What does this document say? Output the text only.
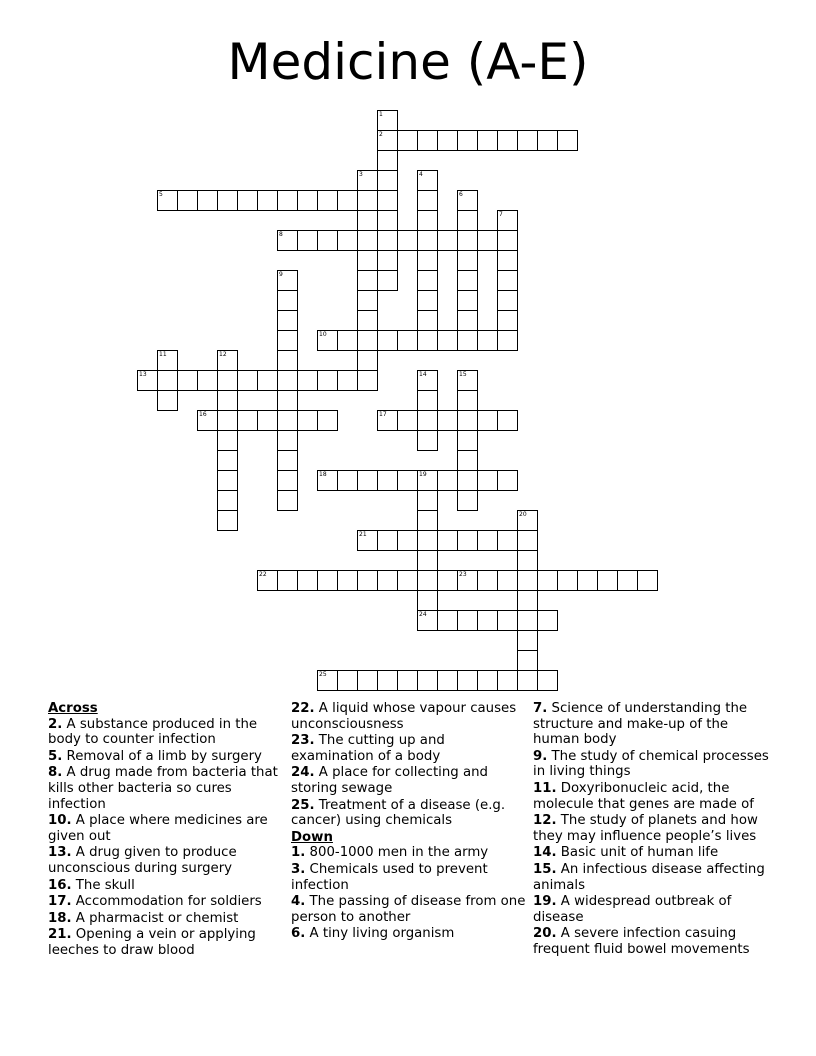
Medicine (A-E)
1
2
3	4
5	6
7
8
9
10
11	12
13	14	15
16	17
18	19
20
21
22	23
24
25
Across
2. A substance produced in the body to counter infection
5. Removal of a limb by surgery
8. A drug made from bacteria that kills other bacteria so cures infection
10. A place where medicines are given out
13. A drug given to produce unconscious during surgery
16. The skull
17. Accommodation for soldiers
18. A pharmacist or chemist
21. Opening a vein or applying leeches to draw blood
22. A liquid whose vapour causes unconsciousness
23. The cutting up and examination of a body
24. A place for collecting and storing sewage
25. Treatment of a disease (e.g. cancer) using chemicals
Down
1. 800-1000 men in the army
3. Chemicals used to prevent infection
4. The passing of disease from one person to another
6. A tiny living organism
7. Science of understanding the structure and make-up of the human body
9. The study of chemical processes in living things
11. Doxyribonucleic acid, the molecule that genes are made of
12. The study of planets and how they may influence people’s lives
14. Basic unit of human life
15. An infectious disease affecting animals
19. A widespread outbreak of disease
20. A severe infection casuing frequent fluid bowel movements
